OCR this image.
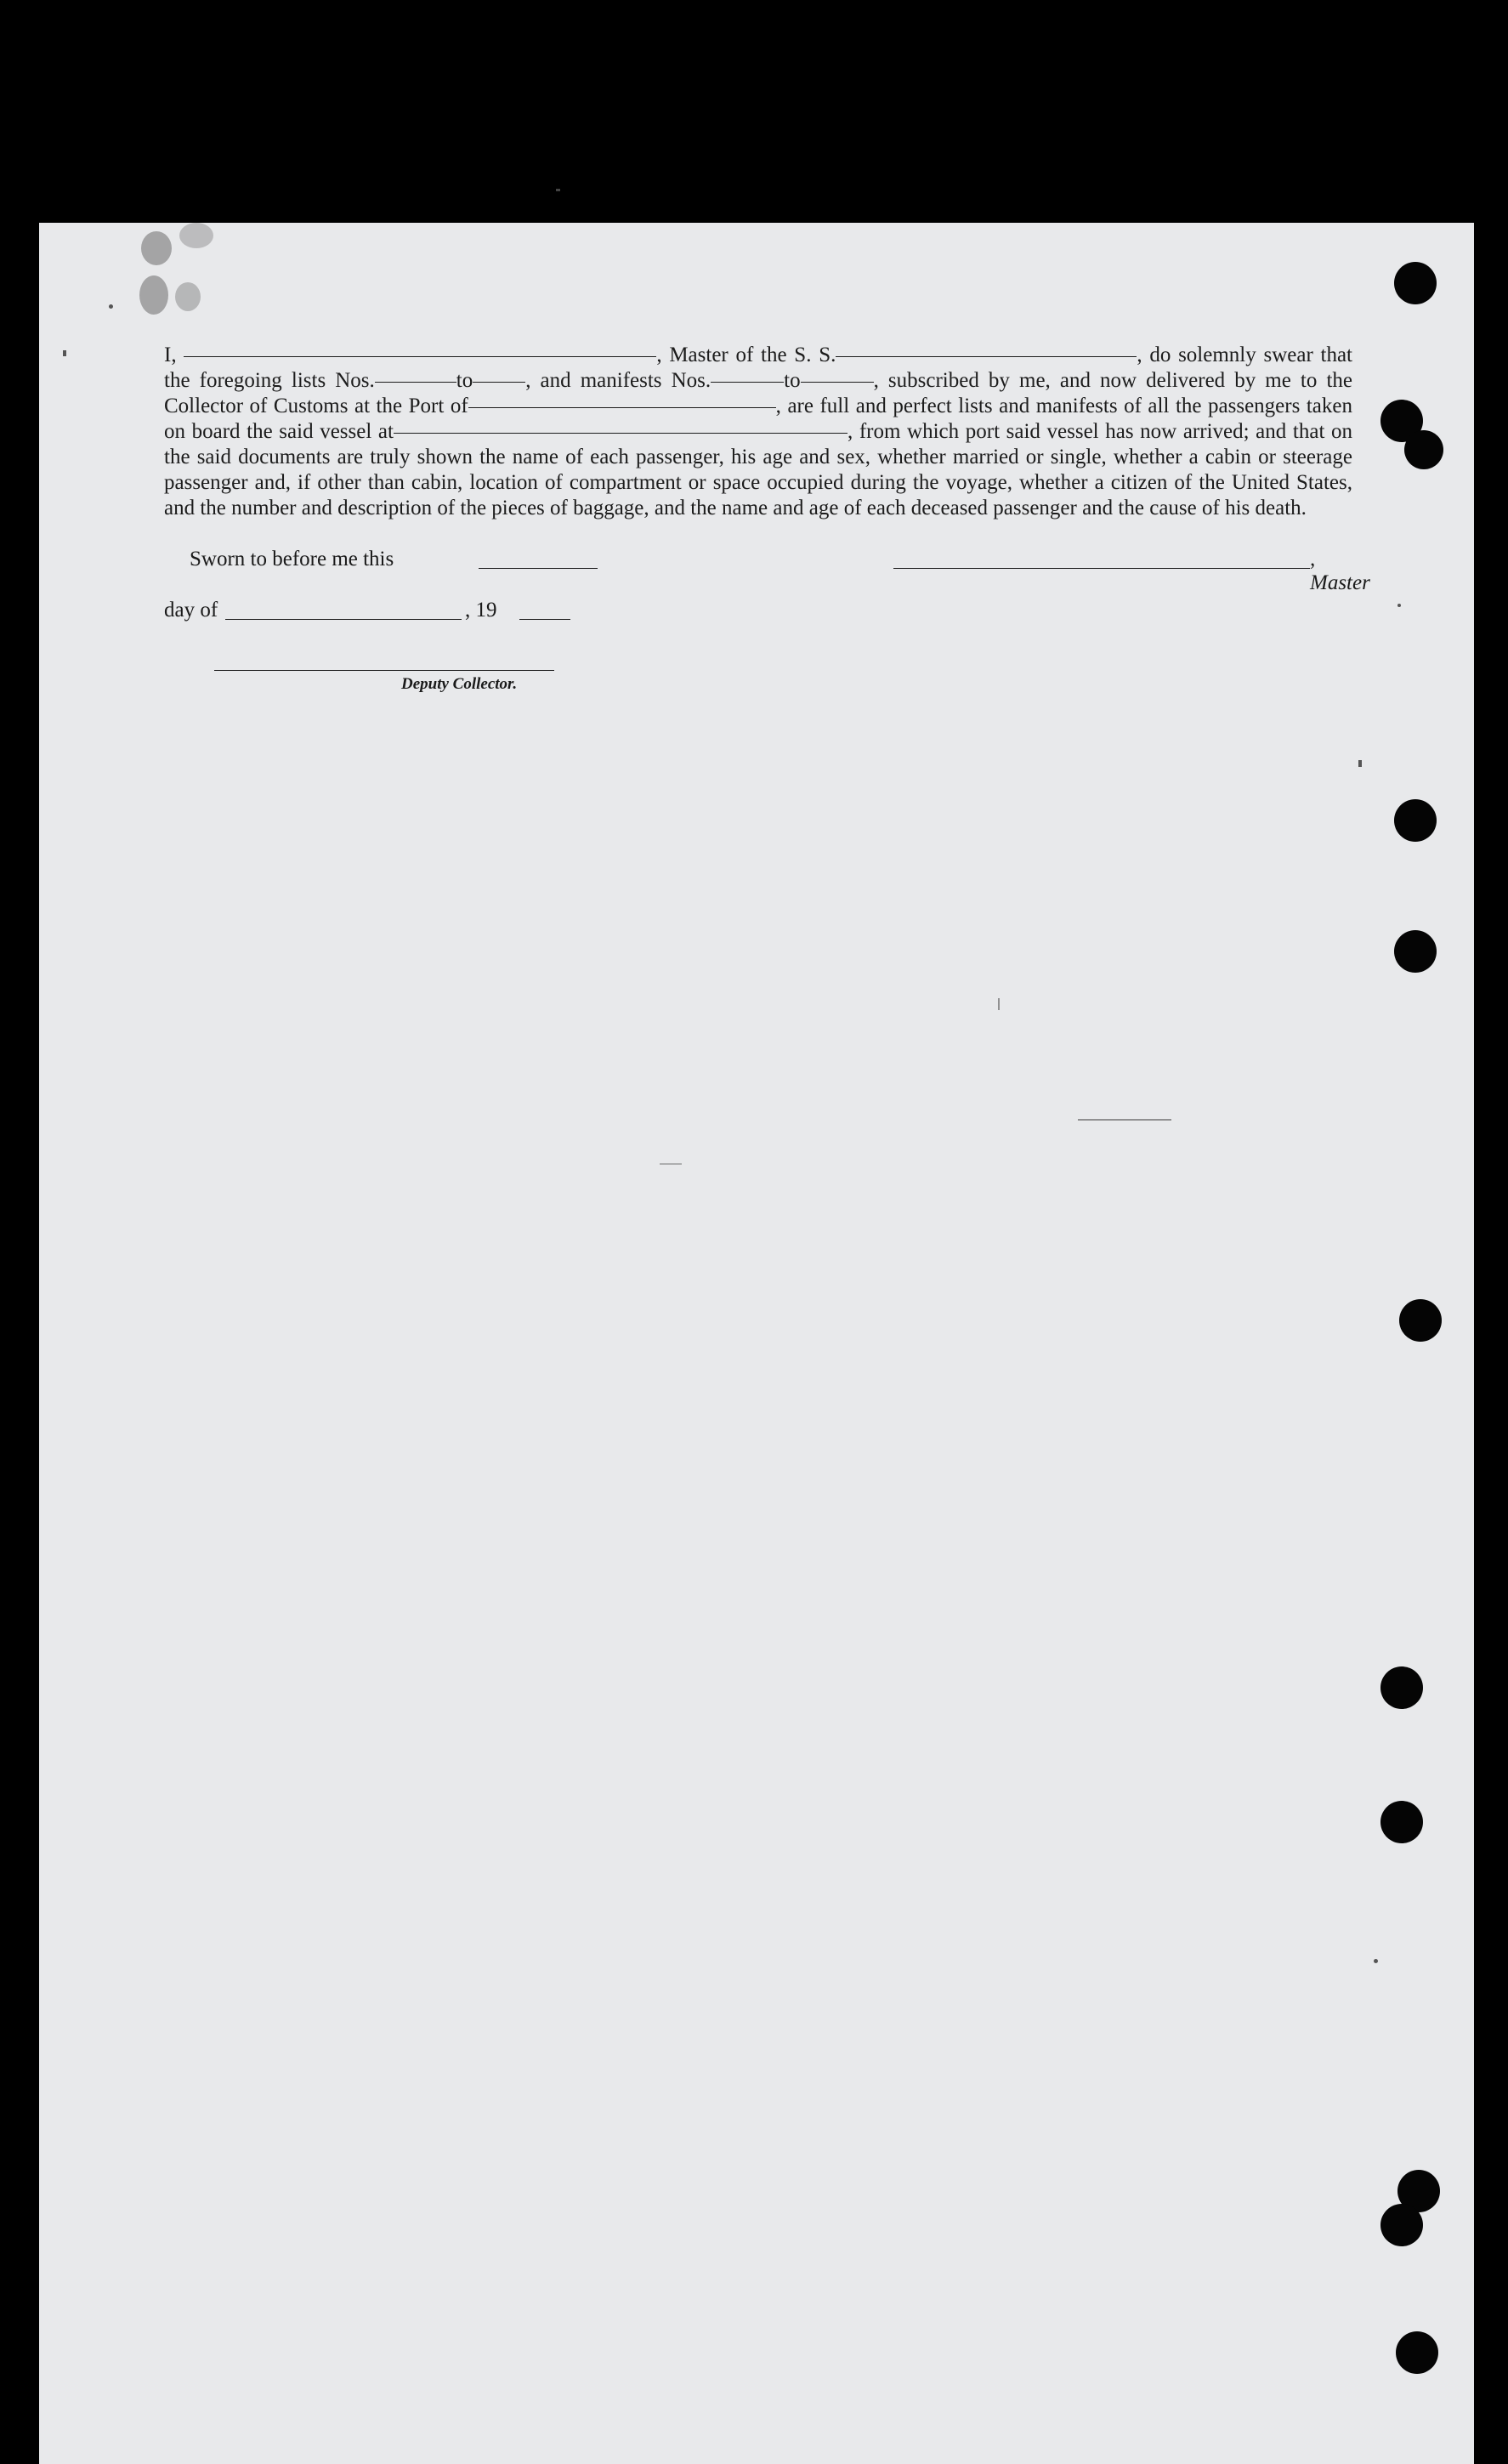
I,	, Master of the S. S.	, do solemnly swear that the foregoing lists Nos.	to , and manifests Nos.	to	, subscribed by me, and now delivered by me to the Collector of Customs at the Port of	, are full and perfect lists and manifests of all the passengers taken on board the said vessel at	, from which port said vessel has now arrived; and that on the said documents are truly shown the name of each passenger, his age and sex, whether married or single, whether a cabin or steerage passenger and, if other than cabin, location of compartment or space occupied during the voyage, whether a citizen of the United States, and the number and description of the pieces of baggage, and the name and age of each deceased passenger and the cause of his death.

Sworn to before me this	, Master
day of	, 19
Deputy Collector.
